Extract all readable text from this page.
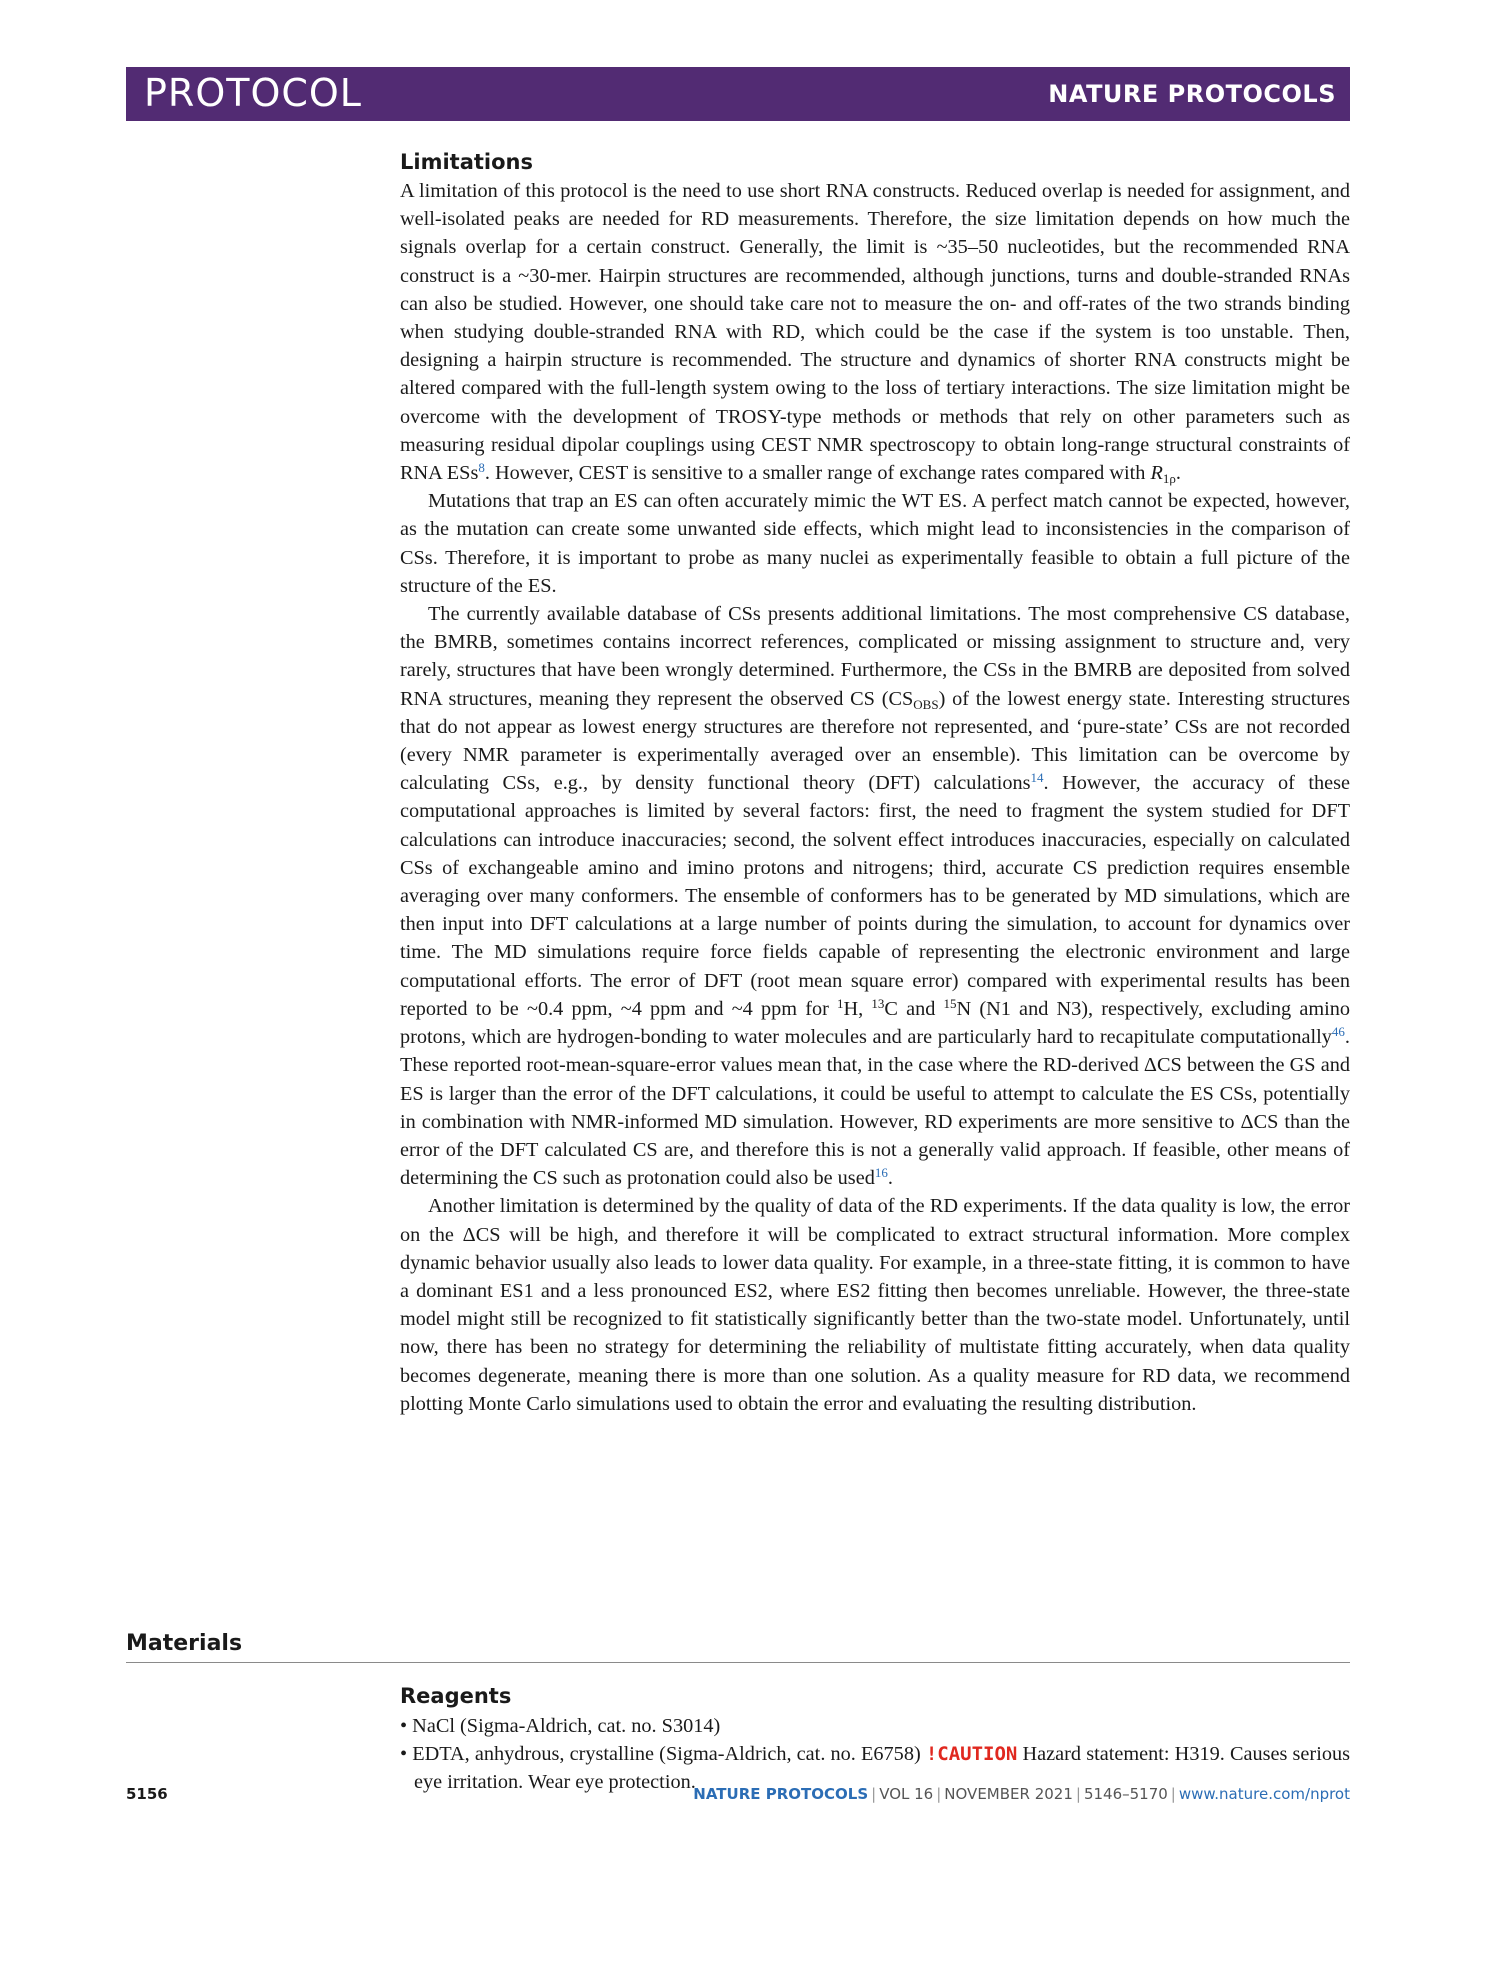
PROTOCOL	NATURE PROTOCOLS
Limitations

A limitation of this protocol is the need to use short RNA constructs. Reduced overlap is needed for assignment, and well-isolated peaks are needed for RD measurements. Therefore, the size limitation depends on how much the signals overlap for a certain construct. Generally, the limit is ~35–50 nucleotides, but the recommended RNA construct is a ~30-mer. Hairpin structures are recommended, although junctions, turns and double-stranded RNAs can also be studied. However, one should take care not to measure the on- and off-rates of the two strands binding when studying double-stranded RNA with RD, which could be the case if the system is too unstable. Then, designing a hairpin structure is recommended. The structure and dynamics of shorter RNA constructs might be altered compared with the full-length system owing to the loss of tertiary interactions. The size limitation might be overcome with the development of TROSY-type methods or methods that rely on other parameters such as measuring residual dipolar couplings using CEST NMR spectroscopy to obtain long-range structural constraints of RNA ESs$^8$. However, CEST is sensitive to a smaller range of exchange rates compared with $R_{1\rho}$.

Mutations that trap an ES can often accurately mimic the WT ES. A perfect match cannot be expected, however, as the mutation can create some unwanted side effects, which might lead to inconsistencies in the comparison of CSs. Therefore, it is important to probe as many nuclei as experimentally feasible to obtain a full picture of the structure of the ES.

The currently available database of CSs presents additional limitations. The most comprehensive CS database, the BMRB, sometimes contains incorrect references, complicated or missing assignment to structure and, very rarely, structures that have been wrongly determined. Furthermore, the CSs in the BMRB are deposited from solved RNA structures, meaning they represent the observed CS $(CS_{OBS})$ of the lowest energy state. Interesting structures that do not appear as lowest energy structures are therefore not represented, and ‘pure-state’ CSs are not recorded (every NMR parameter is experimentally averaged over an ensemble). This limitation can be overcome by calculating CSs, e.g., by density functional theory (DFT) calculations$^{14}$. However, the accuracy of these computational approaches is limited by several factors: first, the need to fragment the system studied for DFT calculations can introduce inaccuracies; second, the solvent effect introduces inaccuracies, especially on calculated CSs of exchangeable amino and imino protons and nitrogens; third, accurate CS prediction requires ensemble averaging over many conformers. The ensemble of conformers has to be generated by MD simulations, which are then input into DFT calculations at a large number of points during the simulation, to account for dynamics over time. The MD simulations require force fields capable of representing the electronic environment and large computational efforts. The error of DFT (root mean square error) compared with experimental results has been reported to be ~0.4 ppm, ~4 ppm and ~4 ppm for $^1$H, $^{13}$C and $^{15}$N (N1 and N3), respectively, excluding amino protons, which are hydrogen-bonding to water molecules and are particularly hard to recapitulate computationally$^{46}$. These reported root-mean-square-error values mean that, in the case where the RD-derived ΔCS between the GS and ES is larger than the error of the DFT calculations, it could be useful to attempt to calculate the ES CSs, potentially in combination with NMR-informed MD simulation. However, RD experiments are more sensitive to ΔCS than the error of the DFT calculated CS are, and therefore this is not a generally valid approach. If feasible, other means of determining the CS such as protonation could also be used$^{16}$.

Another limitation is determined by the quality of data of the RD experiments. If the data quality is low, the error on the ΔCS will be high, and therefore it will be complicated to extract structural information. More complex dynamic behavior usually also leads to lower data quality. For example, in a three-state fitting, it is common to have a dominant ES1 and a less pronounced ES2, where ES2 fitting then becomes unreliable. However, the three-state model might still be recognized to fit statistically significantly better than the two-state model. Unfortunately, until now, there has been no strategy for determining the reliability of multistate fitting accurately, when data quality becomes degenerate, meaning there is more than one solution. As a quality measure for RD data, we recommend plotting Monte Carlo simulations used to obtain the error and evaluating the resulting distribution.

Materials
Reagents
• NaCl (Sigma-Aldrich, cat. no. S3014)
• EDTA, anhydrous, crystalline (Sigma-Aldrich, cat. no. E6758) !CAUTION Hazard statement: H319. Causes serious eye irritation. Wear eye protection.
5156	NATURE PROTOCOLS | VOL 16 | NOVEMBER 2021 | 5146–5170 | www.nature.com/nprot
